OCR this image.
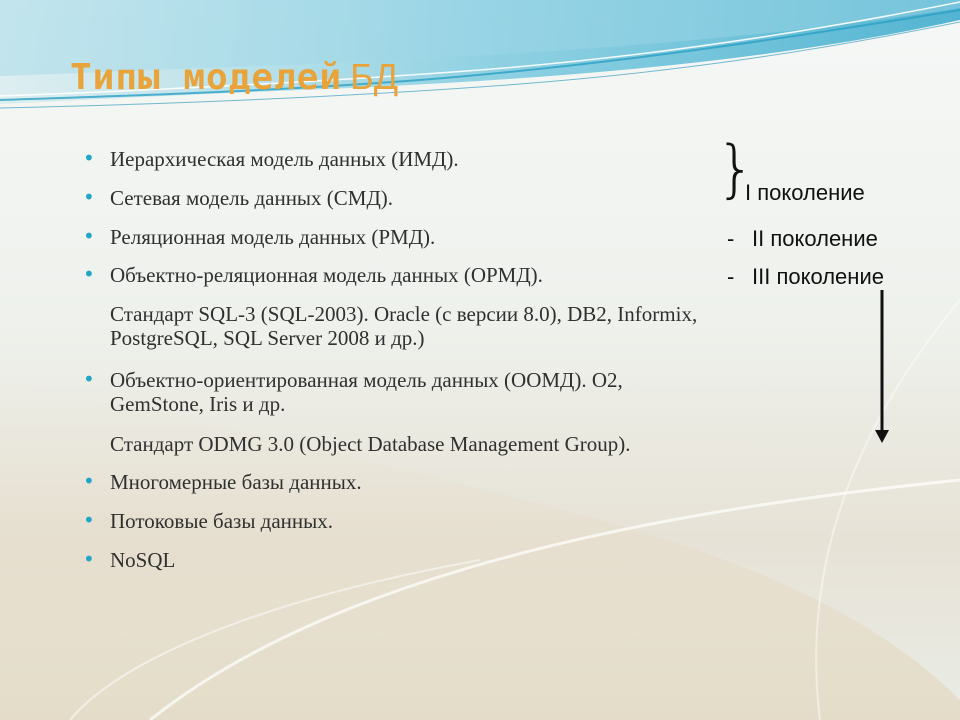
Типы моделей БД
• Иерархическая модель данных (ИМД).
• Сетевая модель данных (СМД).
• Реляционная модель данных (РМД).
• Объектно-реляционная модель данных (ОРМД).
Стандарт SQL-3 (SQL-2003). Oracle (с версии 8.0), DB2, Informix,
PostgreSQL, SQL Server 2008 и др.)
• Объектно-ориентированная модель данных (ООМД). O2,
GemStone, Iris и др.
Стандарт ODMG 3.0 (Object Database Management Group).
• Многомерные базы данных.
• Потоковые базы данных.
• NoSQL
}
I поколение
- II поколение
- III поколение
